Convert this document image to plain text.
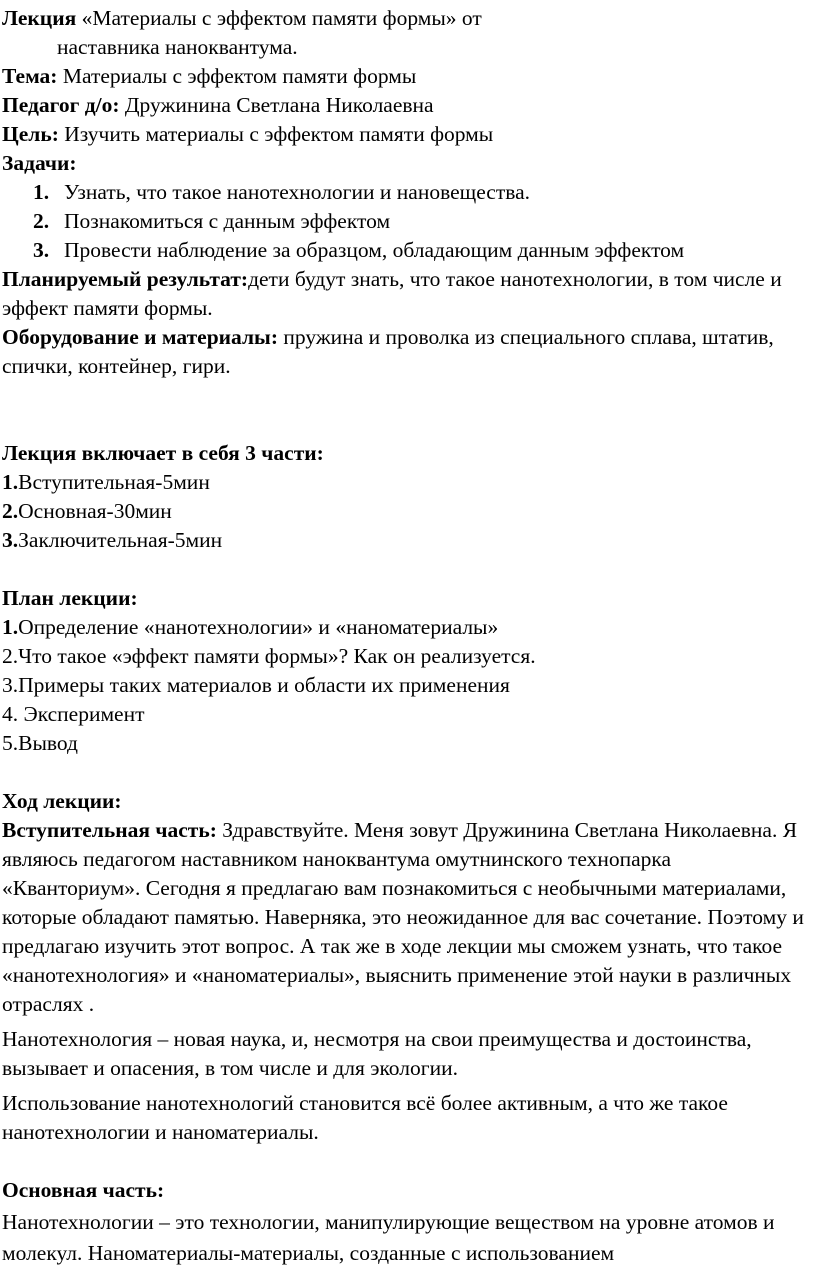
Лекция «Материалы с эффектом памяти формы» от

наставника наноквантума.

Тема: Материалы с эффектом памяти формы

Педагог д/о: Дружинина Светлана Николаевна

Цель: Изучить материалы с эффектом памяти формы

Задачи:

1. Узнать, что такое нанотехнологии и нановещества.
2. Познакомиться с данным эффектом
3. Провести наблюдение за образцом, обладающим данным эффектом

Планируемый результат:дети будут знать, что такое нанотехнологии, в том числе и эффект памяти формы.

Оборудование и материалы: пружина и проволка из специального сплава, штатив, спички, контейнер, гири.

Лекция включает в себя 3 части:

1.Вступительная-5мин

2.Основная-30мин

3.Заключительная-5мин

План лекции:

1.Определение «нанотехнологии» и «наноматериалы»

2.Что такое «эффект памяти формы»? Как он реализуется.

3.Примеры таких материалов и области их применения

4. Эксперимент

5.Вывод

Ход лекции:

Вступительная часть: Здравствуйте. Меня зовут Дружинина Светлана Николаевна. Я являюсь педагогом наставником наноквантума омутнинского технопарка «Кванториум». Сегодня я предлагаю вам познакомиться с необычными материалами, которые обладают памятью. Наверняка, это неожиданное для вас сочетание. Поэтому и предлагаю изучить этот вопрос. А так же в ходе лекции мы сможем узнать, что такое «нанотехнология» и «наноматериалы», выяснить применение этой науки в различных отраслях .

Нанотехнология – новая наука, и, несмотря на свои преимущества и достоинства, вызывает и опасения, в том числе и для экологии.

Использование нанотехнологий становится всё более активным, а что же такое нанотехнологии и наноматериалы.

Основная часть:

Нанотехнологии – это технологии, манипулирующие веществом на уровне атомов и молекул. Наноматериалы-материалы, созданные с использованием
